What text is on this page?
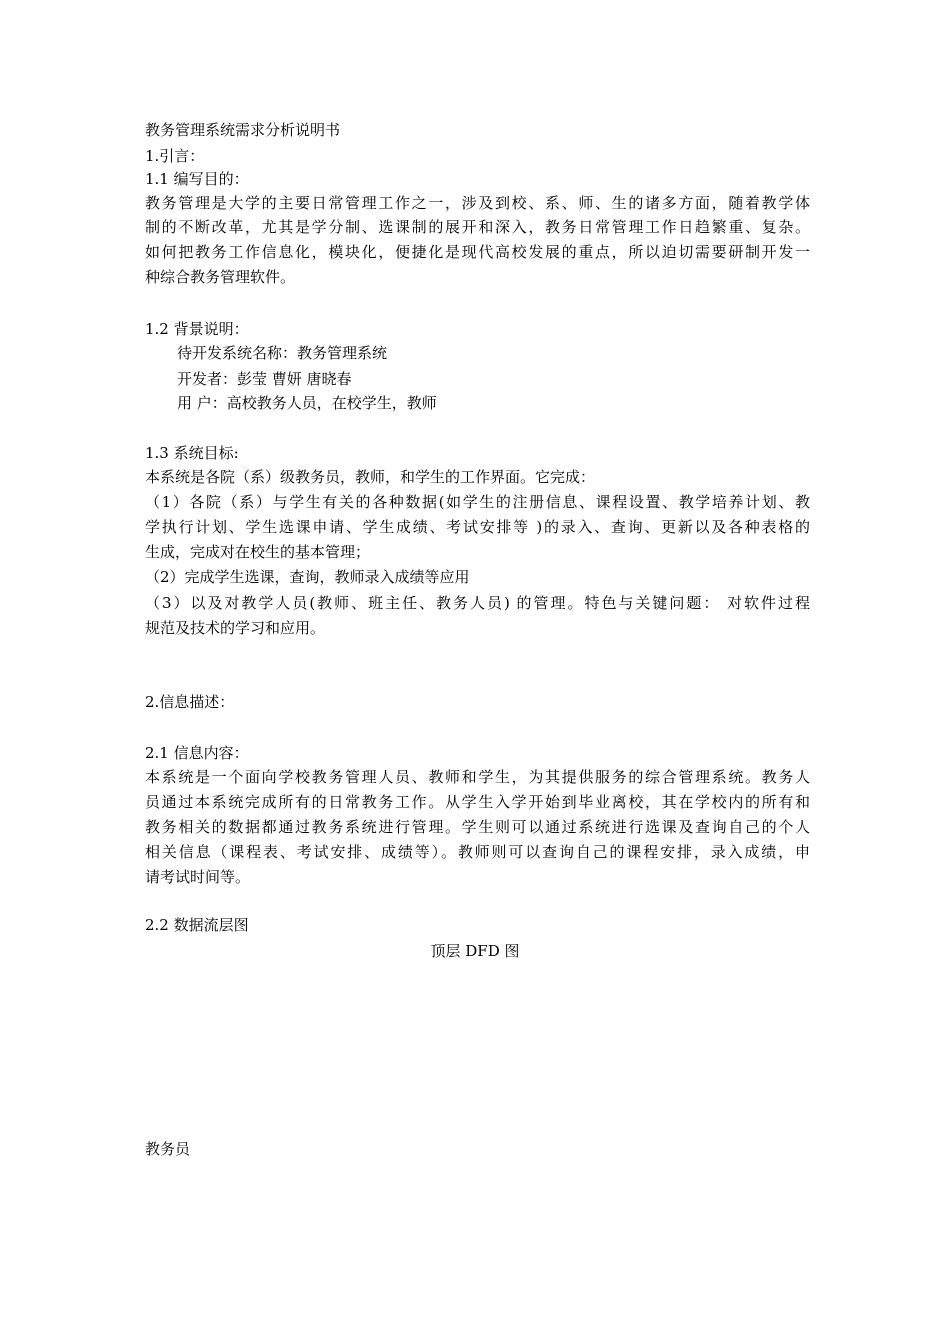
教务管理系统需求分析说明书
1.引言：
1.1 编写目的：
教务管理是大学的主要日常管理工作之一，涉及到校、系、师、生的诸多方面，随着教学体
制的不断改革，尤其是学分制、选课制的展开和深入，教务日常管理工作日趋繁重、复杂。
如何把教务工作信息化，模块化，便捷化是现代高校发展的重点，所以迫切需要研制开发一
种综合教务管理软件。
1.2 背景说明：
待开发系统名称：教务管理系统
开发者：彭莹 曹妍 唐晓春
用 户：高校教务人员，在校学生，教师
1.3 系统目标:
本系统是各院（系）级教务员，教师，和学生的工作界面。它完成：
（1）各院（系）与学生有关的各种数据(如学生的注册信息、课程设置、教学培养计划、教
学执行计划、学生选课申请、学生成绩、考试安排等 )的录入、查询、更新以及各种表格的
生成，完成对在校生的基本管理；
（2）完成学生选课，查询，教师录入成绩等应用
（3）以及对教学人员(教师、班主任、教务人员) 的管理。特色与关键问题： 对软件过程
规范及技术的学习和应用。
2.信息描述：
2.1 信息内容：
本系统是一个面向学校教务管理人员、教师和学生，为其提供服务的综合管理系统。教务人
员通过本系统完成所有的日常教务工作。从学生入学开始到毕业离校，其在学校内的所有和
教务相关的数据都通过教务系统进行管理。学生则可以通过系统进行选课及查询自己的个人
相关信息（课程表、考试安排、成绩等）。教师则可以查询自己的课程安排，录入成绩，申
请考试时间等。
2.2 数据流层图
顶层 DFD 图
教务员
